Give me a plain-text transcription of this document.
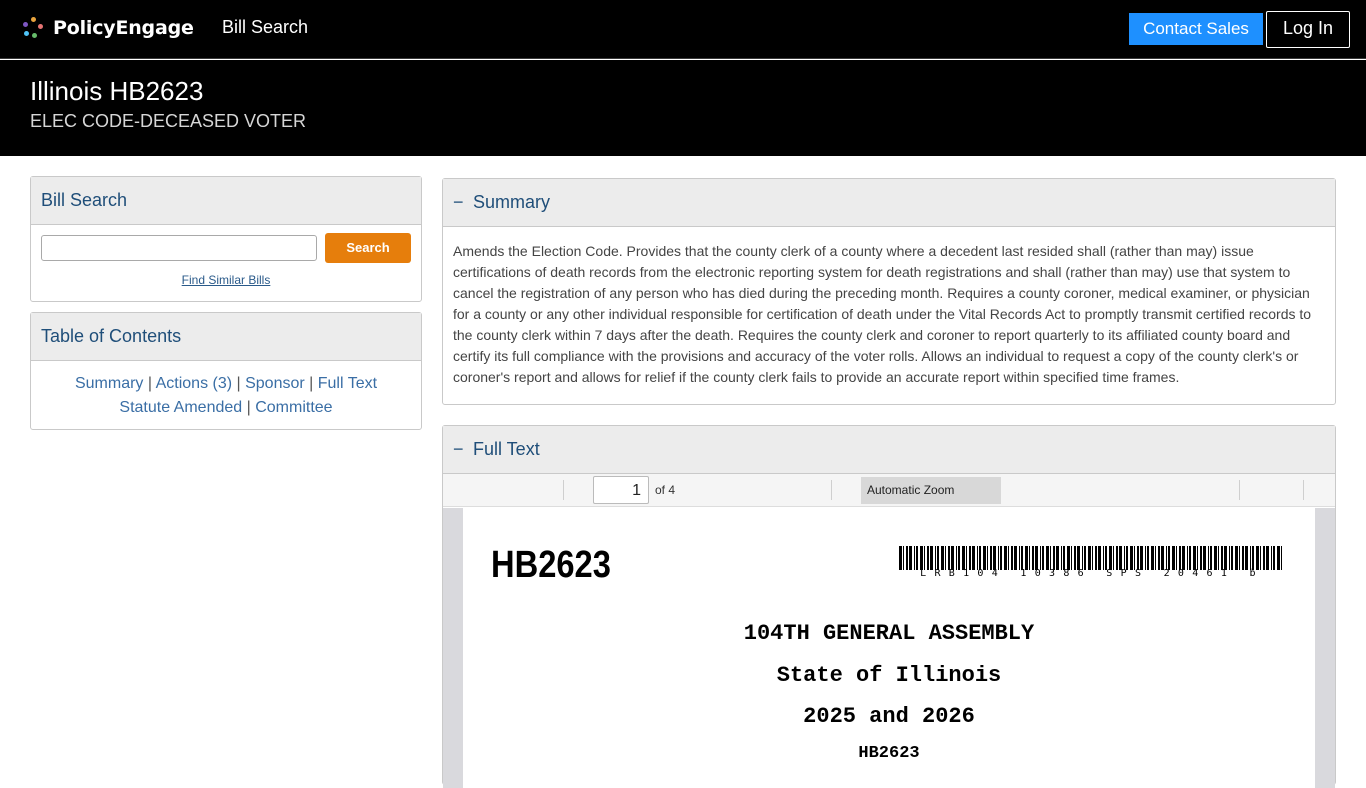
PolicyEngage Bill Search	Contact Sales	Log In
Illinois HB2623
ELEC CODE-DECEASED VOTER
Bill Search
Search
Find Similar Bills
Table of Contents
Summary | Actions (3) | Sponsor | Full Text
Statute Amended | Committee
− Summary
Amends the Election Code. Provides that the county clerk of a county where a decedent last resided shall (rather than may) issue certifications of death records from the electronic reporting system for death registrations and shall (rather than may) use that system to cancel the registration of any person who has died during the preceding month. Requires a county coroner, medical examiner, or physician for a county or any other individual responsible for certification of death under the Vital Records Act to promptly transmit certified records to the county clerk within 7 days after the death. Requires the county clerk and coroner to report quarterly to its affiliated county board and certify its full compliance with the provisions and accuracy of the voter rolls. Allows an individual to request a copy of the county clerk's or coroner's report and allows for relief if the county clerk fails to provide an accurate report within specified time frames.
− Full Text
1	of 4	Automatic Zoom
HB2623	LRB104 10386 SPS 20461 b
104TH GENERAL ASSEMBLY
State of Illinois
2025 and 2026
HB2623
